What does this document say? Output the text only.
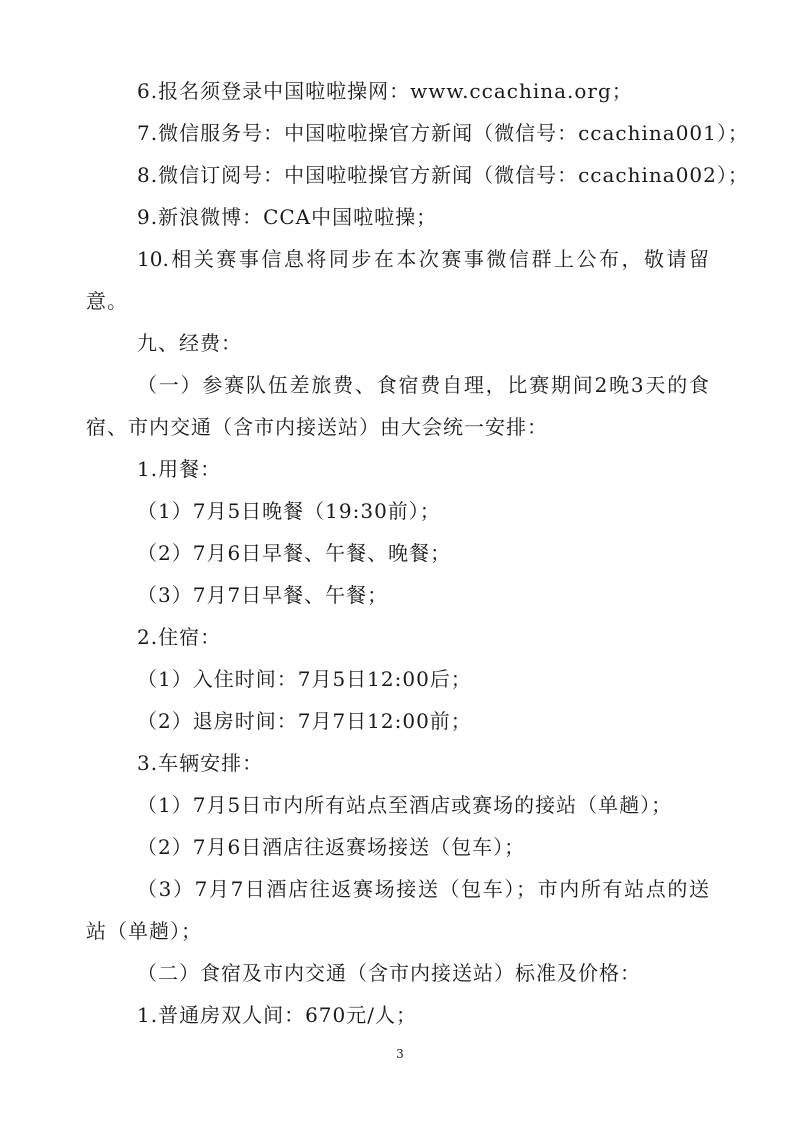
6.报名须登录中国啦啦操网：www.ccachina.org；
7.微信服务号：中国啦啦操官方新闻（微信号：ccachina001）；
8.微信订阅号：中国啦啦操官方新闻（微信号：ccachina002）；
9.新浪微博：CCA中国啦啦操；
10.相关赛事信息将同步在本次赛事微信群上公布，敬请留
意。
九、经费：
（一）参赛队伍差旅费、食宿费自理，比赛期间2晚3天的食
宿、市内交通（含市内接送站）由大会统一安排：
1.用餐：
（1）7月5日晚餐（19:30前）；
（2）7月6日早餐、午餐、晚餐；
（3）7月7日早餐、午餐；
2.住宿：
（1）入住时间：7月5日12:00后；
（2）退房时间：7月7日12:00前；
3.车辆安排：
（1）7月5日市内所有站点至酒店或赛场的接站（单趟）；
（2）7月6日酒店往返赛场接送（包车）；
（3）7月7日酒店往返赛场接送（包车）；市内所有站点的送
站（单趟）；
（二）食宿及市内交通（含市内接送站）标准及价格：
1.普通房双人间：670元/人；
3
